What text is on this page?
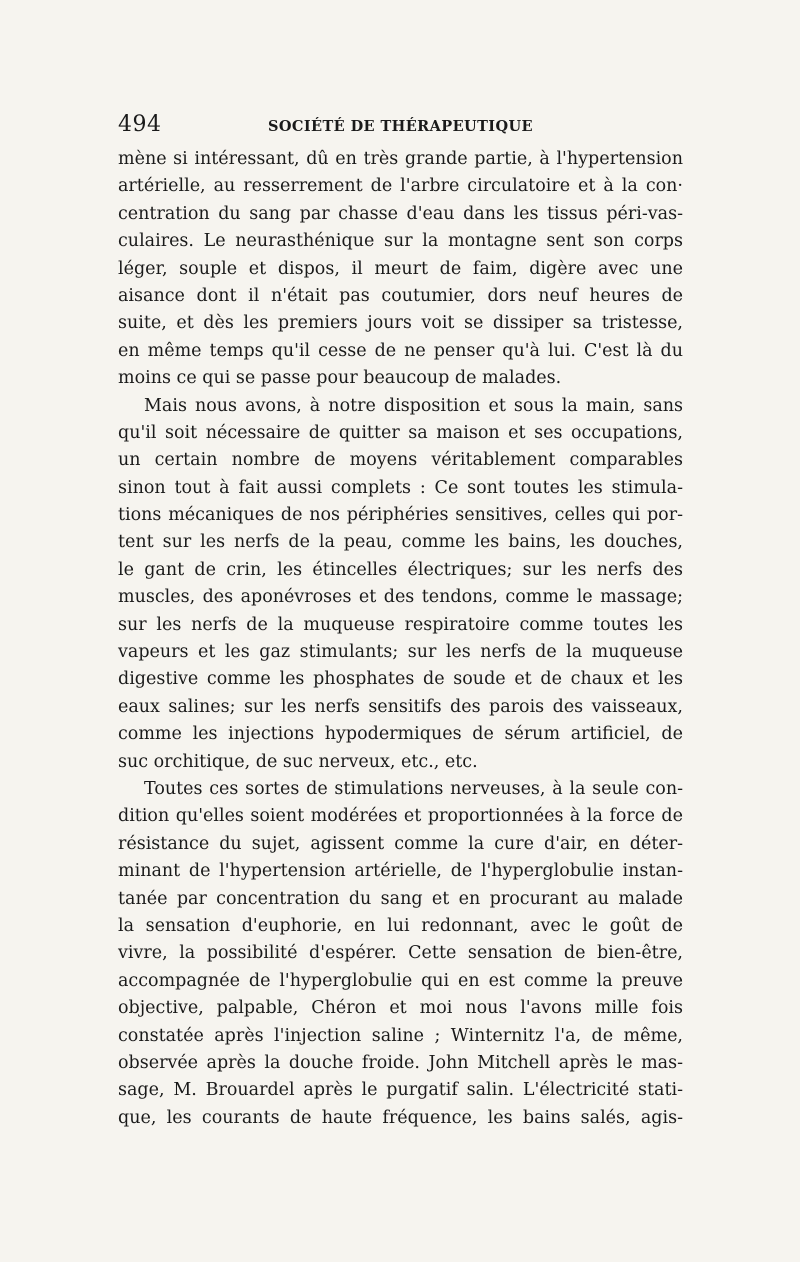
494	SOCIÉTÉ DE THÉRAPEUTIQUE
mène si intéressant, dû en très grande partie, à l'hypertension
artérielle, au resserrement de l'arbre circulatoire et à la con·
centration du sang par chasse d'eau dans les tissus péri-vas-
culaires. Le neurasthénique sur la montagne sent son corps
léger, souple et dispos, il meurt de faim, digère avec une
aisance dont il n'était pas coutumier, dors neuf heures de
suite, et dès les premiers jours voit se dissiper sa tristesse,
en même temps qu'il cesse de ne penser qu'à lui. C'est là du
moins ce qui se passe pour beaucoup de malades.
Mais nous avons, à notre disposition et sous la main, sans
qu'il soit nécessaire de quitter sa maison et ses occupations,
un certain nombre de moyens véritablement comparables
sinon tout à fait aussi complets : Ce sont toutes les stimula-
tions mécaniques de nos périphéries sensitives, celles qui por-
tent sur les nerfs de la peau, comme les bains, les douches,
le gant de crin, les étincelles électriques; sur les nerfs des
muscles, des aponévroses et des tendons, comme le massage;
sur les nerfs de la muqueuse respiratoire comme toutes les
vapeurs et les gaz stimulants; sur les nerfs de la muqueuse
digestive comme les phosphates de soude et de chaux et les
eaux salines; sur les nerfs sensitifs des parois des vaisseaux,
comme les injections hypodermiques de sérum artificiel, de
suc orchitique, de suc nerveux, etc., etc.
Toutes ces sortes de stimulations nerveuses, à la seule con-
dition qu'elles soient modérées et proportionnées à la force de
résistance du sujet, agissent comme la cure d'air, en déter-
minant de l'hypertension artérielle, de l'hyperglobulie instan-
tanée par concentration du sang et en procurant au malade
la sensation d'euphorie, en lui redonnant, avec le goût de
vivre, la possibilité d'espérer. Cette sensation de bien-être,
accompagnée de l'hyperglobulie qui en est comme la preuve
objective, palpable, Chéron et moi nous l'avons mille fois
constatée après l'injection saline ; Winternitz l'a, de même,
observée après la douche froide. John Mitchell après le mas-
sage, M. Brouardel après le purgatif salin. L'électricité stati-
que, les courants de haute fréquence, les bains salés, agis-
